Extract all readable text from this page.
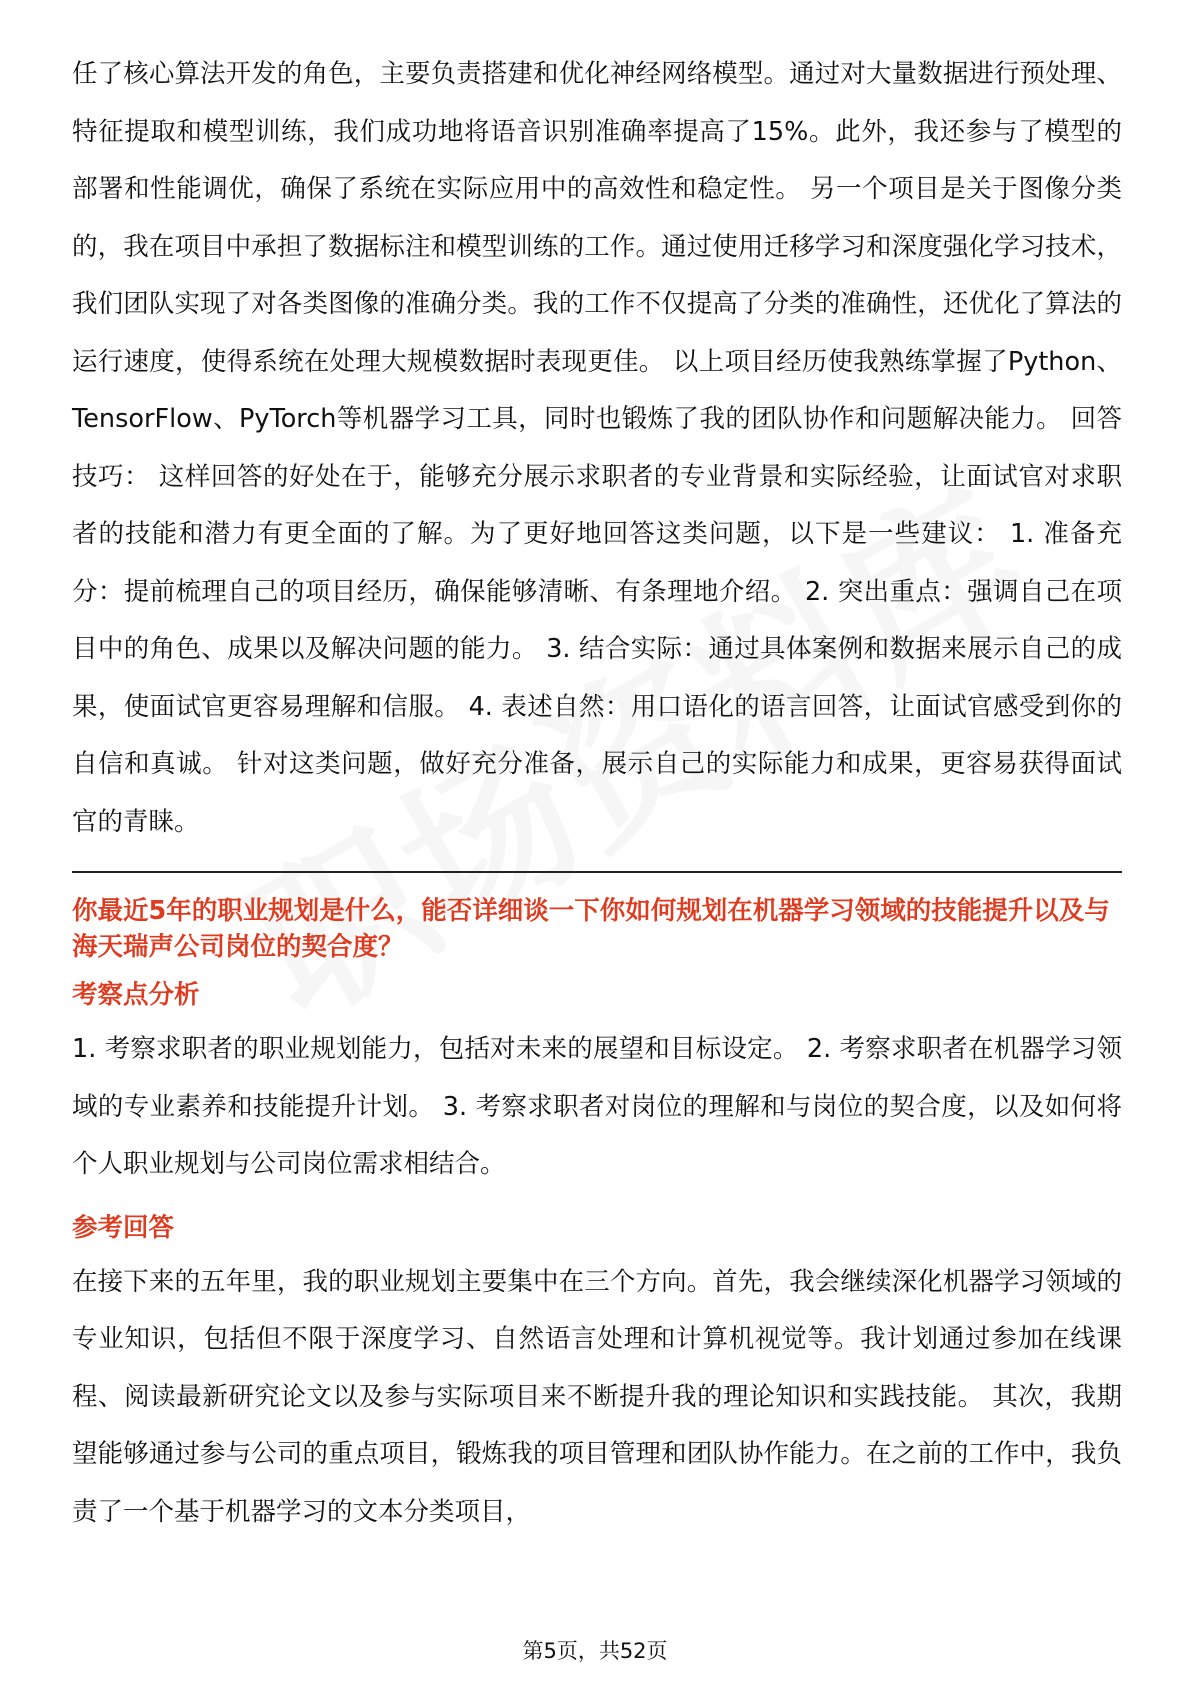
任了核心算法开发的角色，主要负责搭建和优化神经网络模型。通过对大量数据进行预处理、特征提取和模型训练，我们成功地将语音识别准确率提高了15%。此外，我还参与了模型的部署和性能调优，确保了系统在实际应用中的高效性和稳定性。 另一个项目是关于图像分类的，我在项目中承担了数据标注和模型训练的工作。通过使用迁移学习和深度强化学习技术，我们团队实现了对各类图像的准确分类。我的工作不仅提高了分类的准确性，还优化了算法的运行速度，使得系统在处理大规模数据时表现更佳。 以上项目经历使我熟练掌握了Python、TensorFlow、PyTorch等机器学习工具，同时也锻炼了我的团队协作和问题解决能力。 回答技巧： 这样回答的好处在于，能够充分展示求职者的专业背景和实际经验，让面试官对求职者的技能和潜力有更全面的了解。为了更好地回答这类问题，以下是一些建议： 1. 准备充分：提前梳理自己的项目经历，确保能够清晰、有条理地介绍。 2. 突出重点：强调自己在项目中的角色、成果以及解决问题的能力。 3. 结合实际：通过具体案例和数据来展示自己的成果，使面试官更容易理解和信服。 4. 表述自然：用口语化的语言回答，让面试官感受到你的自信和真诚。 针对这类问题，做好充分准备，展示自己的实际能力和成果，更容易获得面试官的青睐。

你最近5年的职业规划是什么，能否详细谈一下你如何规划在机器学习领域的技能提升以及与海天瑞声公司岗位的契合度？

考察点分析

1. 考察求职者的职业规划能力，包括对未来的展望和目标设定。 2. 考察求职者在机器学习领域的专业素养和技能提升计划。 3. 考察求职者对岗位的理解和与岗位的契合度，以及如何将个人职业规划与公司岗位需求相结合。

参考回答

在接下来的五年里，我的职业规划主要集中在三个方向。首先，我会继续深化机器学习领域的专业知识，包括但不限于深度学习、自然语言处理和计算机视觉等。我计划通过参加在线课程、阅读最新研究论文以及参与实际项目来不断提升我的理论知识和实践技能。 其次，我期望能够通过参与公司的重点项目，锻炼我的项目管理和团队协作能力。在之前的工作中，我负责了一个基于机器学习的文本分类项目，

第5页，共52页
